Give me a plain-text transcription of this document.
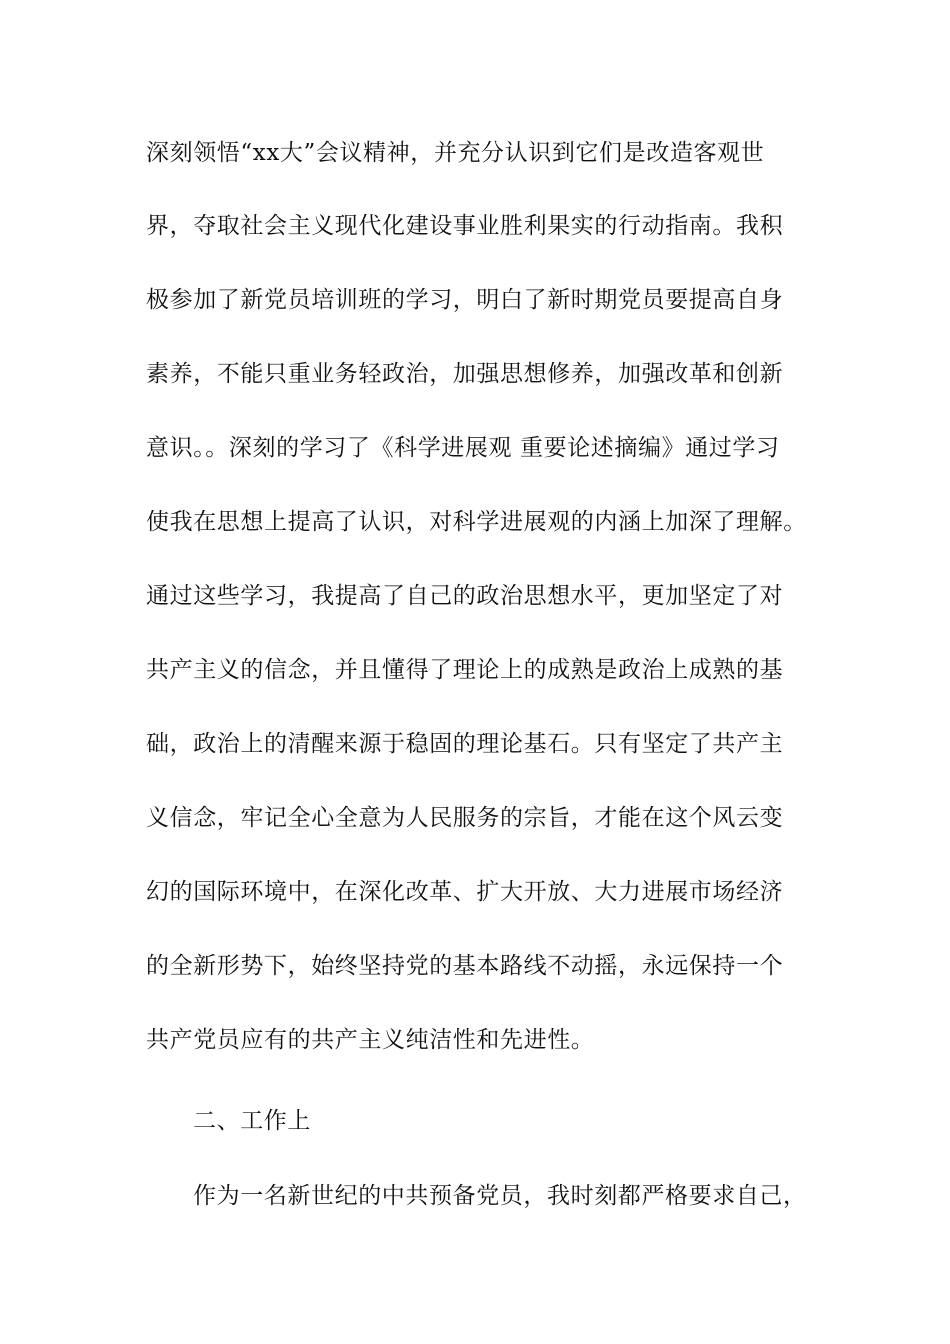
深刻领悟“xx大”会议精神，并充分认识到它们是改造客观世
界，夺取社会主义现代化建设事业胜利果实的行动指南。我积
极参加了新党员培训班的学习，明白了新时期党员要提高自身
素养，不能只重业务轻政治，加强思想修养，加强改革和创新
意识。。深刻的学习了《科学进展观 重要论述摘编》通过学习
使我在思想上提高了认识，对科学进展观的内涵上加深了理解。
通过这些学习，我提高了自己的政治思想水平，更加坚定了对
共产主义的信念，并且懂得了理论上的成熟是政治上成熟的基
础，政治上的清醒来源于稳固的理论基石。只有坚定了共产主
义信念，牢记全心全意为人民服务的宗旨，才能在这个风云变
幻的国际环境中，在深化改革、扩大开放、大力进展市场经济
的全新形势下，始终坚持党的基本路线不动摇，永远保持一个
共产党员应有的共产主义纯洁性和先进性。
二、工作上
作为一名新世纪的中共预备党员，我时刻都严格要求自己，
